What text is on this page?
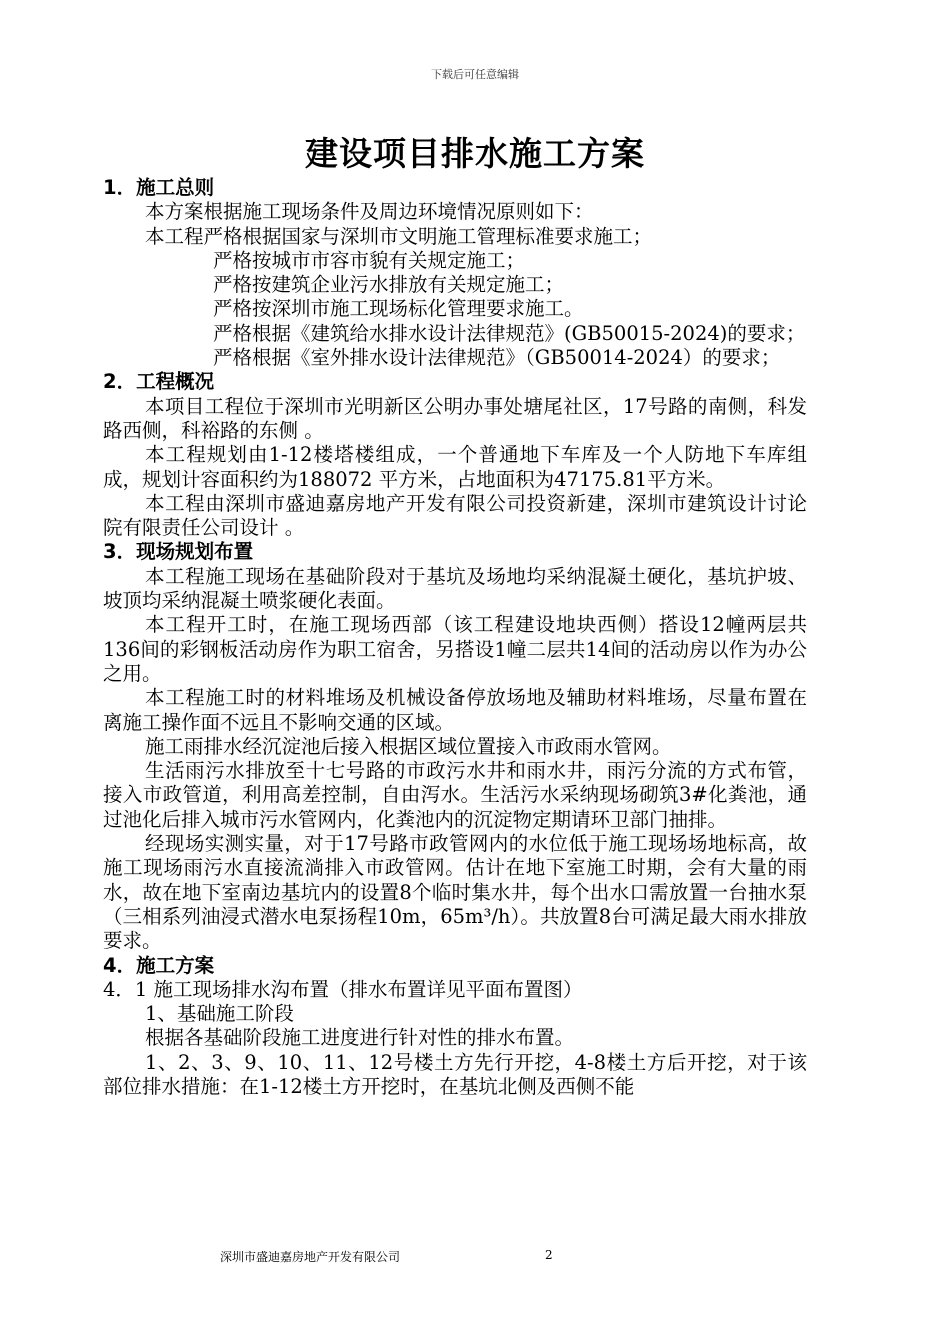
下载后可任意编辑
建设项目排水施工方案

1．施工总则

本方案根据施工现场条件及周边环境情况原则如下：

本工程严格根据国家与深圳市文明施工管理标准要求施工；

严格按城市市容市貌有关规定施工；

严格按建筑企业污水排放有关规定施工；

严格按深圳市施工现场标化管理要求施工。

严格根据《建筑给水排水设计法律规范》(GB50015-2024)的要求；

严格根据《室外排水设计法律规范》（GB50014-2024）的要求；

2．工程概况

本项目工程位于深圳市光明新区公明办事处塘尾社区，17号路的南侧，科发路西侧，科裕路的东侧 。

本工程规划由1-12楼塔楼组成，一个普通地下车库及一个人防地下车库组成，规划计容面积约为188072 平方米，占地面积为47175.81平方米。

本工程由深圳市盛迪嘉房地产开发有限公司投资新建，深圳市建筑设计讨论院有限责任公司设计 。

3．现场规划布置

本工程施工现场在基础阶段对于基坑及场地均采纳混凝土硬化，基坑护坡、坡顶均采纳混凝土喷浆硬化表面。

本工程开工时，在施工现场西部（该工程建设地块西侧）搭设12幢两层共136间的彩钢板活动房作为职工宿舍，另搭设1幢二层共14间的活动房以作为办公之用。

本工程施工时的材料堆场及机械设备停放场地及辅助材料堆场，尽量布置在离施工操作面不远且不影响交通的区域。

施工雨排水经沉淀池后接入根据区域位置接入市政雨水管网。

生活雨污水排放至十七号路的市政污水井和雨水井，雨污分流的方式布管，接入市政管道，利用高差控制，自由泻水。生活污水采纳现场砌筑3#化粪池，通过池化后排入城市污水管网内，化粪池内的沉淀物定期请环卫部门抽排。

经现场实测实量，对于17号路市政管网内的水位低于施工现场场地标高，故施工现场雨污水直接流淌排入市政管网。估计在地下室施工时期，会有大量的雨水，故在地下室南边基坑内的设置8个临时集水井，每个出水口需放置一台抽水泵（三相系列油浸式潜水电泵扬程10m，65m³/h）。共放置8台可满足最大雨水排放要求。

4．施工方案

4．1 施工现场排水沟布置（排水布置详见平面布置图）

1、基础施工阶段

根据各基础阶段施工进度进行针对性的排水布置。

1、2、3、9、10、11、12号楼土方先行开挖，4-8楼土方后开挖，对于该部位排水措施：在1-12楼土方开挖时，在基坑北侧及西侧不能

深圳市盛迪嘉房地产开发有限公司	2
